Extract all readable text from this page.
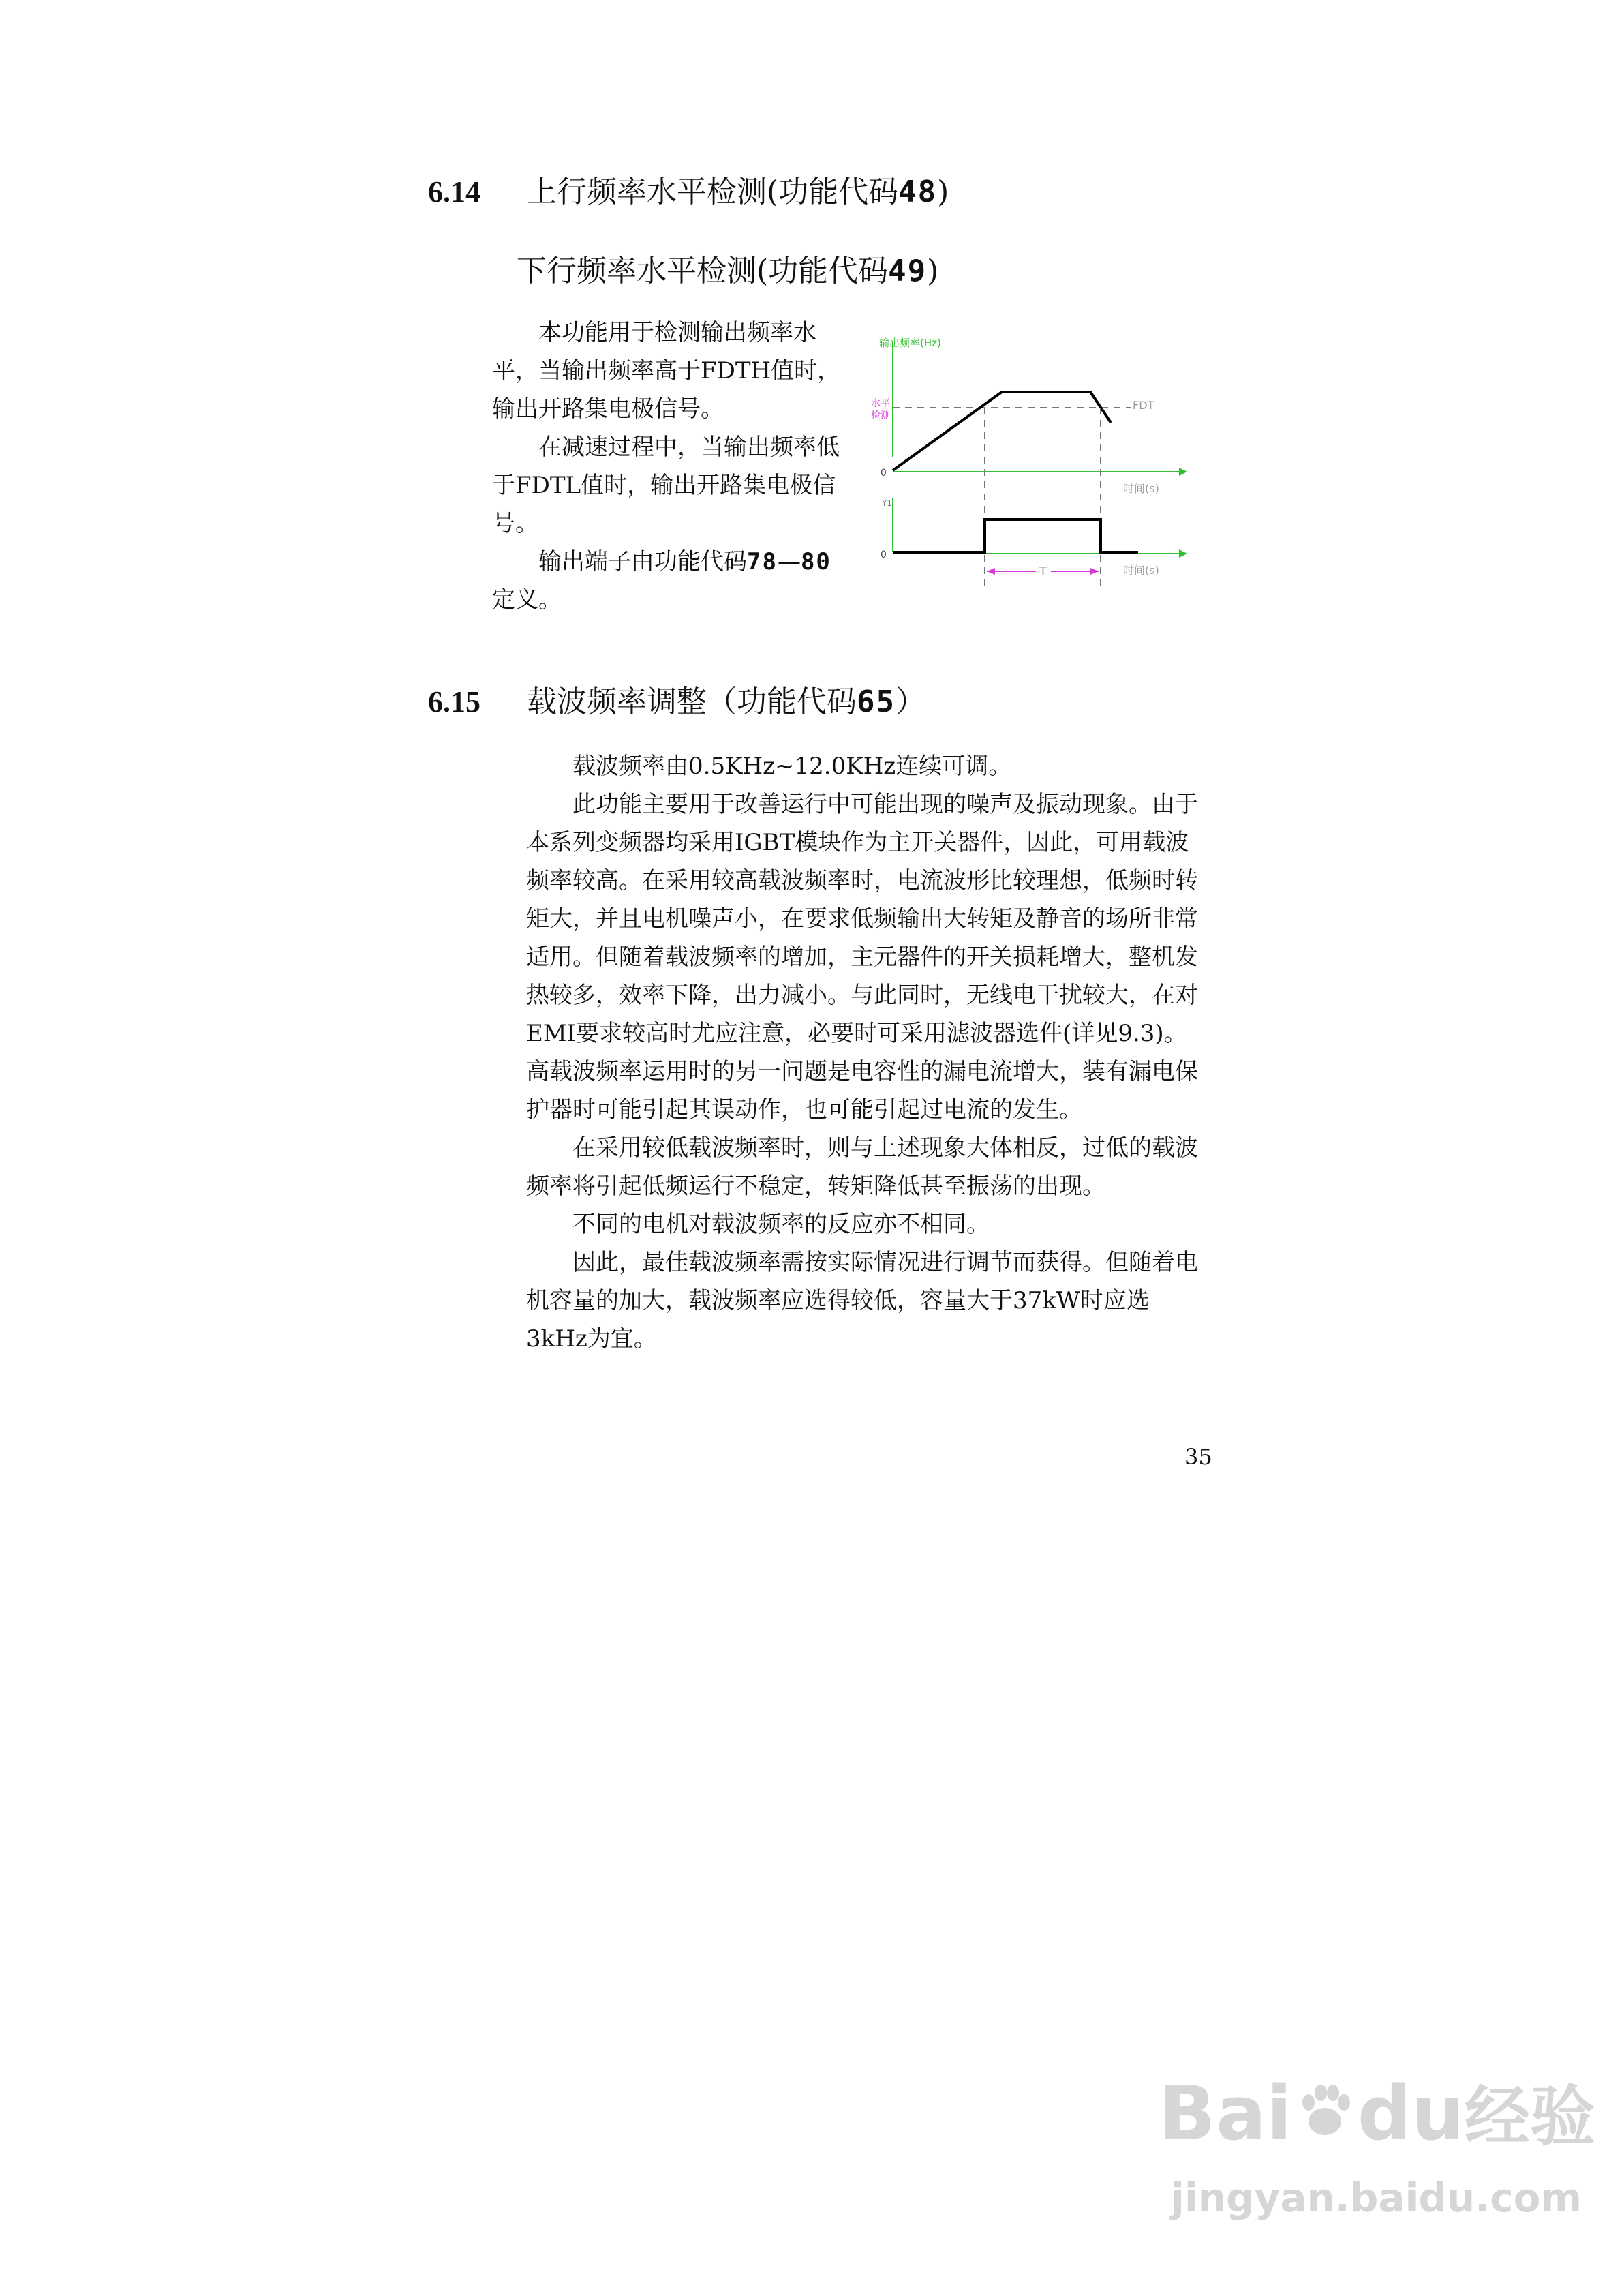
6.14 上行频率水平检测(功能代码48)
下行频率水平检测(功能代码49)

本功能用于检测输出频率水平，当输出频率高于FDTH值时，输出开路集电极信号。

在减速过程中，当输出频率低于FDTL值时，输出开路集电极信号。

输出端子由功能代码78—80定义。

输出频率(Hz)
水平
检测
FDT
0
时间(s)
0
Y1
时间(s)
T
6.15 载波频率调整（功能代码65）

载波频率由0.5KHz~12.0KHz连续可调。

此功能主要用于改善运行中可能出现的噪声及振动现象。由于本系列变频器均采用IGBT模块作为主开关器件，因此，可用载波频率较高。在采用较高载波频率时，电流波形比较理想，低频时转矩大，并且电机噪声小，在要求低频输出大转矩及静音的场所非常适用。但随着载波频率的增加，主元器件的开关损耗增大，整机发热较多，效率下降，出力减小。与此同时，无线电干扰较大，在对EMI要求较高时尤应注意，必要时可采用滤波器选件(详见9.3)。高载波频率运用时的另一问题是电容性的漏电流增大，装有漏电保护器时可能引起其误动作，也可能引起过电流的发生。

在采用较低载波频率时，则与上述现象大体相反，过低的载波频率将引起低频运行不稳定，转矩降低甚至振荡的出现。

不同的电机对载波频率的反应亦不相同。

因此，最佳载波频率需按实际情况进行调节而获得。但随着电机容量的加大，载波频率应选得较低，容量大于37kW时应选3kHz为宜。

35
Bai du经验
jingyan.baidu.com
